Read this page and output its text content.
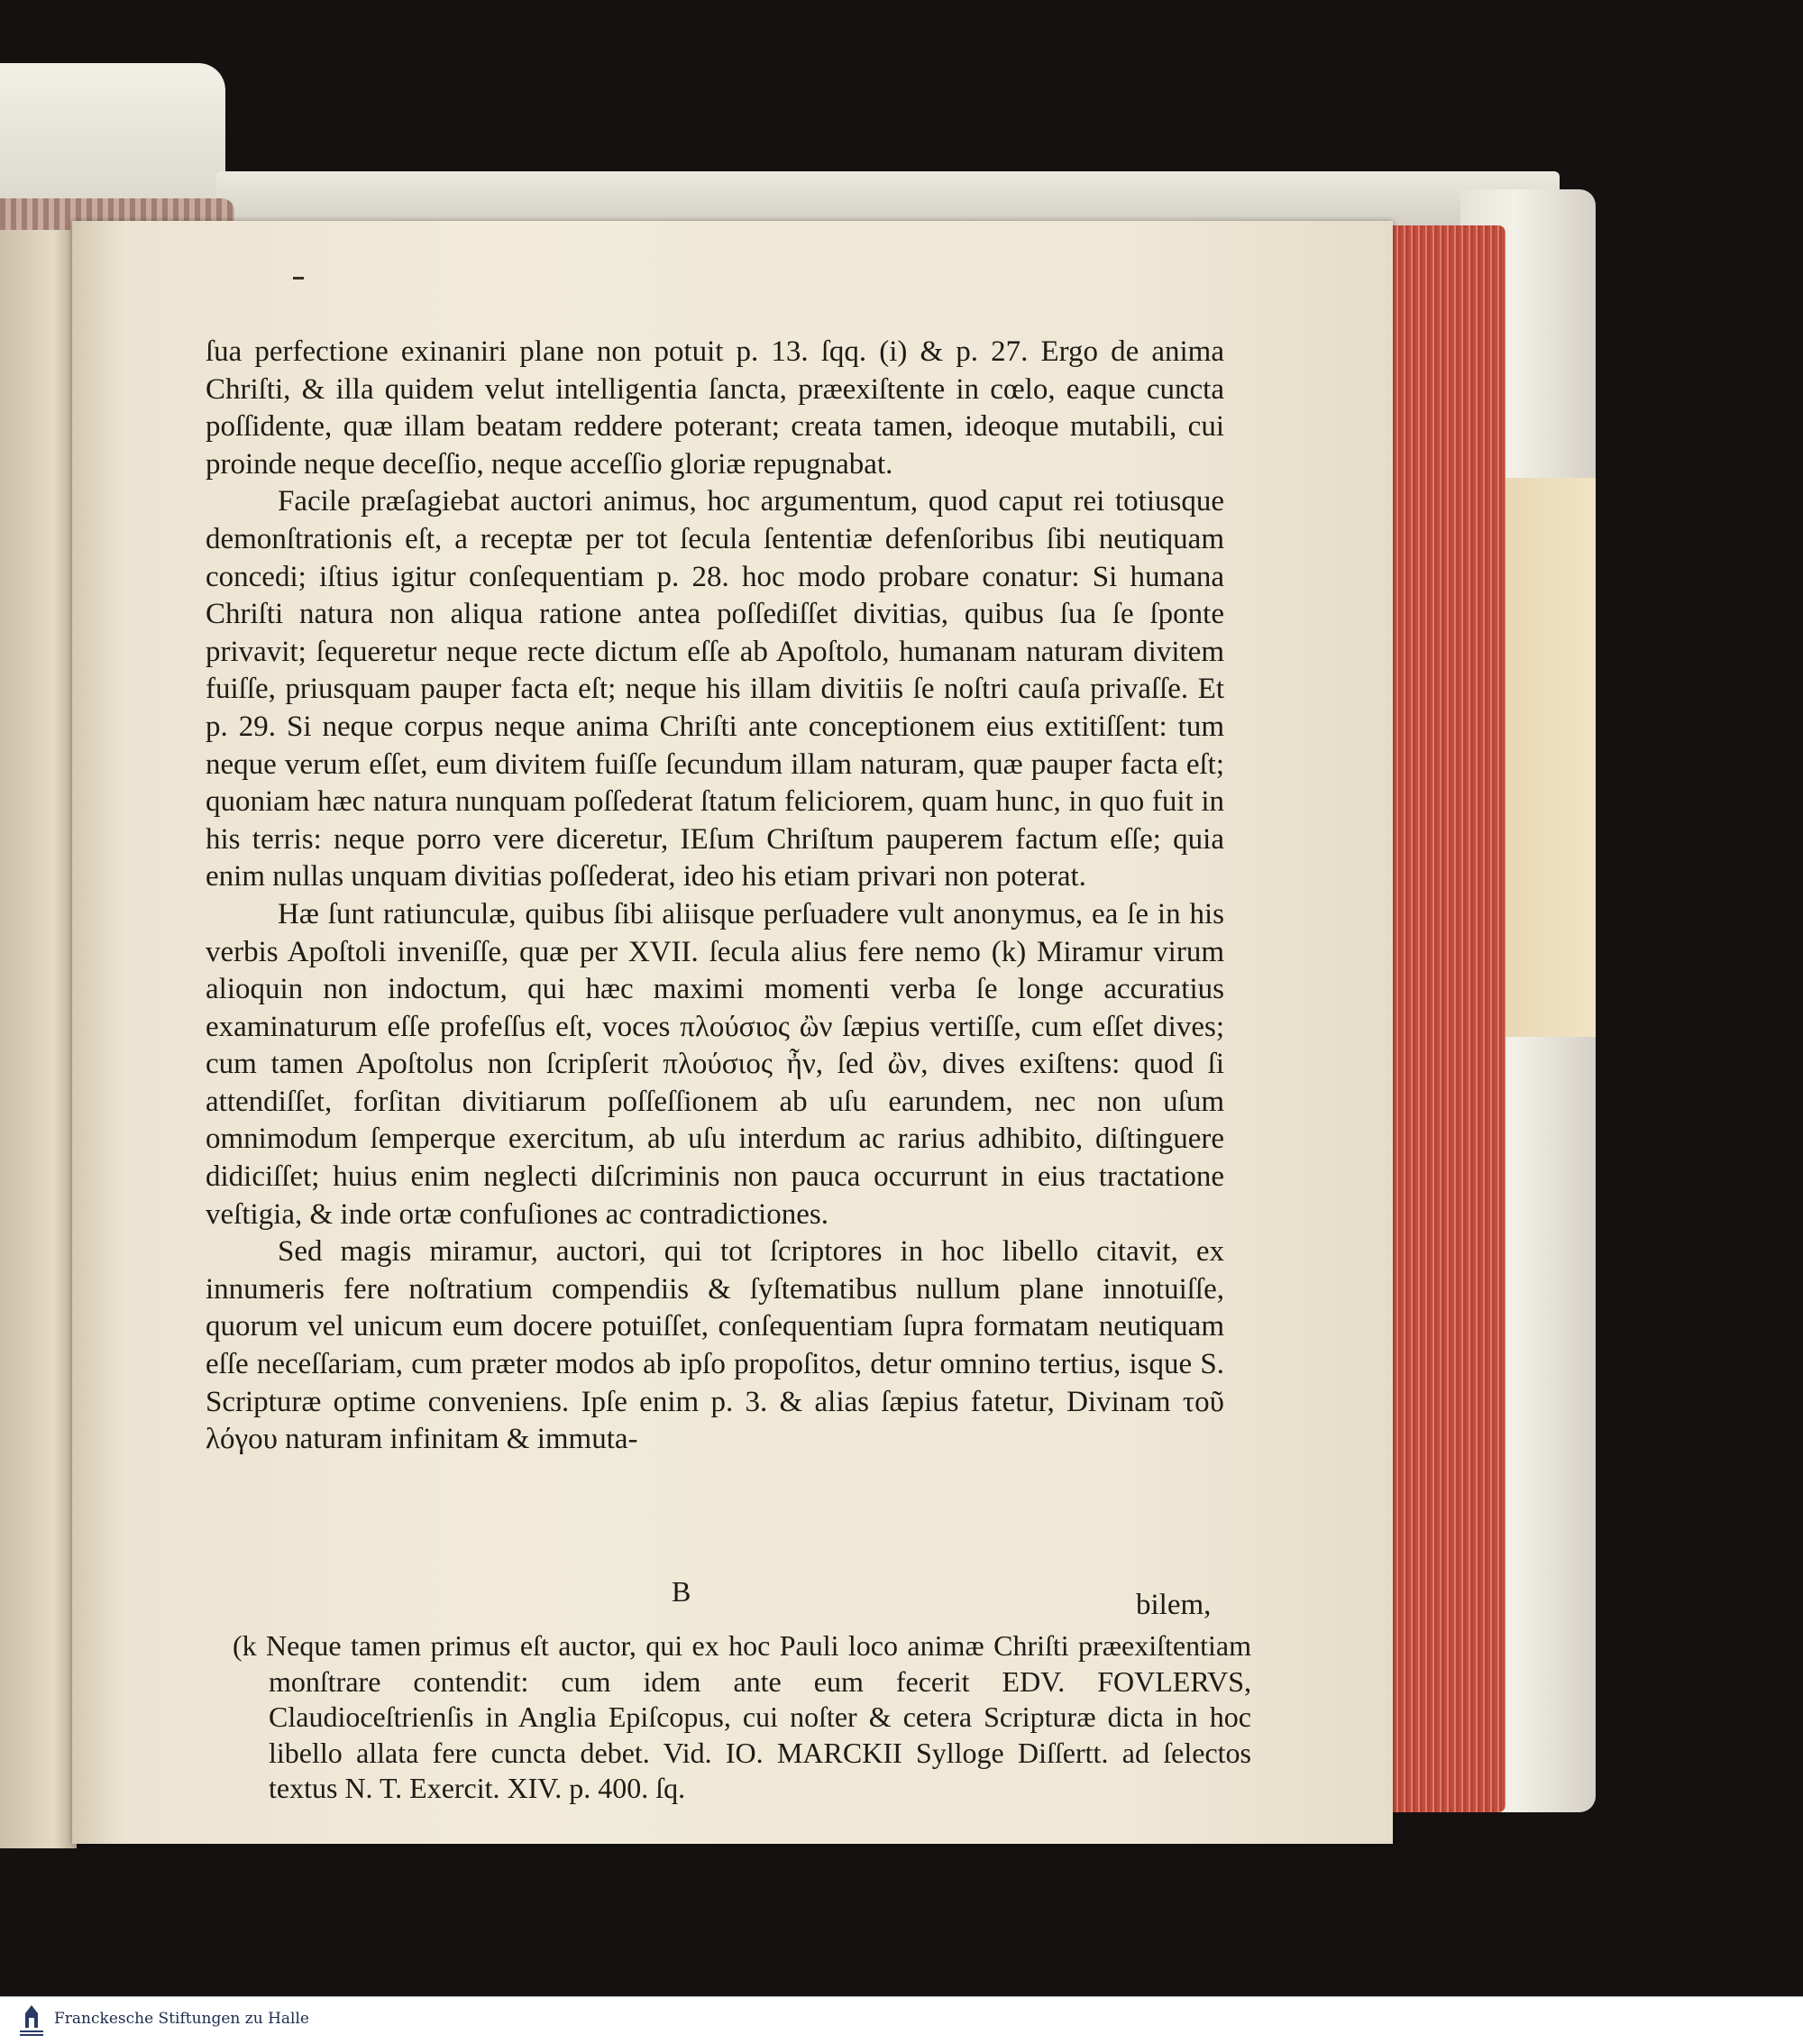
ſua perfectione exinaniri plane non potuit p. 13. ſqq. (i) & p. 27. Ergo de anima Chriſti, & illa quidem velut intelligentia ſancta, præexiſtente in cœlo, eaque cuncta poſſidente, quæ illam beatam reddere poterant; creata tamen, ideoque mutabili, cui proinde neque deceſſio, neque acceſſio gloriæ repugnabat.

Facile præſagiebat auctori animus, hoc argumentum, quod caput rei totiusque demonſtrationis eſt, a receptæ per tot ſecula ſententiæ defenſoribus ſibi neutiquam concedi; iſtius igitur conſequentiam p. 28. hoc modo probare conatur: Si humana Chriſti natura non aliqua ratione antea poſſediſſet divitias, quibus ſua ſe ſponte privavit; ſequeretur neque recte dictum eſſe ab Apoſtolo, humanam naturam divitem fuiſſe, priusquam pauper facta eſt; neque his illam divitiis ſe noſtri cauſa privaſſe. Et p. 29. Si neque corpus neque anima Chriſti ante conceptionem eius extitiſſent: tum neque verum eſſet, eum divitem fuiſſe ſecundum illam naturam, quæ pauper facta eſt; quoniam hæc natura nunquam poſſederat ſtatum feliciorem, quam hunc, in quo fuit in his terris: neque porro vere diceretur, IEſum Chriſtum pauperem factum eſſe; quia enim nullas unquam divitias poſſederat, ideo his etiam privari non poterat.

Hæ ſunt ratiunculæ, quibus ſibi aliisque perſuadere vult anonymus, ea ſe in his verbis Apoſtoli inveniſſe, quæ per XVII. ſecula alius fere nemo (k) Miramur virum alioquin non indoctum, qui hæc maximi momenti verba ſe longe accuratius examinaturum eſſe profeſſus eſt, voces πλούσιος ὢν ſæpius vertiſſe, cum eſſet dives; cum tamen Apoſtolus non ſcripſerit πλούσιος ἦν, ſed ὢν, dives exiſtens: quod ſi attendiſſet, forſitan divitiarum poſſeſſionem ab uſu earundem, nec non uſum omnimodum ſemperque exercitum, ab uſu interdum ac rarius adhibito, diſtinguere didiciſſet; huius enim neglecti diſcriminis non pauca occurrunt in eius tractatione veſtigia, & inde ortæ confuſiones ac contradictiones.

Sed magis miramur, auctori, qui tot ſcriptores in hoc libello citavit, ex innumeris fere noſtratium compendiis & ſyſtematibus nullum plane innotuiſſe, quorum vel unicum eum docere potuiſſet, conſequentiam ſupra formatam neutiquam eſſe neceſſariam, cum præter modos ab ipſo propoſitos, detur omnino tertius, isque S. Scripturæ optime conveniens. Ipſe enim p. 3. & alias ſæpius fatetur, Divinam τοῦ λόγου naturam infinitam & immuta-

B	bilem,
(k Neque tamen primus eſt auctor, qui ex hoc Pauli loco animæ Chriſti præexiſtentiam monſtrare contendit: cum idem ante eum fecerit EDV. FOVLERVS, Claudioceſtrienſis in Anglia Epiſcopus, cui noſter & cetera Scripturæ dicta in hoc libello allata fere cuncta debet. Vid. IO. MARCKII Sylloge Diſſertt. ad ſelectos textus N. T. Exercit. XIV. p. 400. ſq.
Franckesche Stiftungen zu Halle
